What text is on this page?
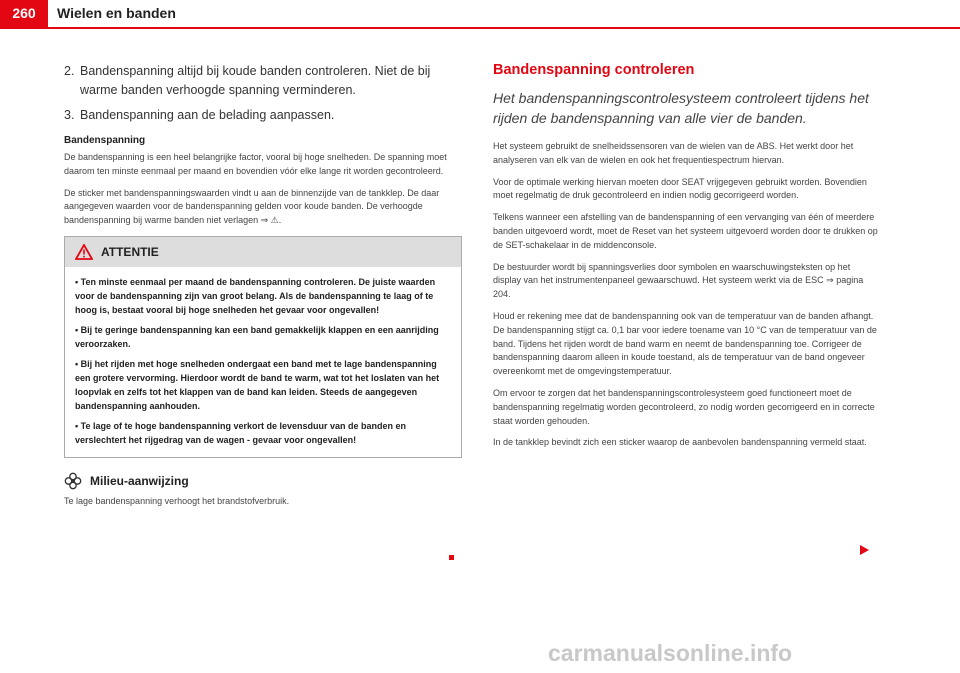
260	Wielen en banden
2. Bandenspanning altijd bij koude banden controleren. Niet de bij warme banden verhoogde spanning verminderen.
3. Bandenspanning aan de belading aanpassen.
Bandenspanning
De bandenspanning is een heel belangrijke factor, vooral bij hoge snelheden. De spanning moet daarom ten minste eenmaal per maand en bovendien vóór elke lange rit worden gecontroleerd.
De sticker met bandenspanningswaarden vindt u aan de binnenzijde van de tankklep. De daar aangegeven waarden voor de bandenspanning gelden voor koude banden. De verhoogde bandenspanning bij warme banden niet verlagen ⇒ ⚠.
ATTENTIE
• Ten minste eenmaal per maand de bandenspanning controleren. De juiste waarden voor de bandenspanning zijn van groot belang. Als de bandenspanning te laag of te hoog is, bestaat vooral bij hoge snelheden het gevaar voor ongevallen!
• Bij te geringe bandenspanning kan een band gemakkelijk klappen en een aanrijding veroorzaken.
• Bij het rijden met hoge snelheden ondergaat een band met te lage bandenspanning een grotere vervorming. Hierdoor wordt de band te warm, wat tot het loslaten van het loopvlak en zelfs tot het klappen van de band kan leiden. Steeds de aangegeven bandenspanning aanhouden.
• Te lage of te hoge bandenspanning verkort de levensduur van de banden en verslechtert het rijgedrag van de wagen - gevaar voor ongevallen!
Milieu-aanwijzing
Te lage bandenspanning verhoogt het brandstofverbruik.
Bandenspanning controleren
Het bandenspanningscontrolesysteem controleert tijdens het rijden de bandenspanning van alle vier de banden.
Het systeem gebruikt de snelheidssensoren van de wielen van de ABS. Het werkt door het analyseren van elk van de wielen en ook het frequentiespectrum hiervan.
Voor de optimale werking hiervan moeten door SEAT vrijgegeven gebruikt worden. Bovendien moet regelmatig de druk gecontroleerd en indien nodig gecorrigeerd worden.
Telkens wanneer een afstelling van de bandenspanning of een vervanging van één of meerdere banden uitgevoerd wordt, moet de Reset van het systeem uitgevoerd worden door te drukken op de SET-schakelaar in de middenconsole.
De bestuurder wordt bij spanningsverlies door symbolen en waarschuwingsteksten op het display van het instrumentenpaneel gewaarschuwd. Het systeem werkt via de ESC ⇒ pagina 204.
Houd er rekening mee dat de bandenspanning ook van de temperatuur van de banden afhangt. De bandenspanning stijgt ca. 0,1 bar voor iedere toename van 10 °C van de temperatuur van de band. Tijdens het rijden wordt de band warm en neemt de bandenspanning toe. Corrigeer de bandenspanning daarom alleen in koude toestand, als de temperatuur van de band ongeveer overeenkomt met de omgevingstemperatuur.
Om ervoor te zorgen dat het bandenspanningscontrolesysteem goed functioneert moet de bandenspanning regelmatig worden gecontroleerd, zo nodig worden gecorrigeerd en in correcte staat worden gehouden.
In de tankklep bevindt zich een sticker waarop de aanbevolen bandenspanning vermeld staat.
carmanualsonline.info
